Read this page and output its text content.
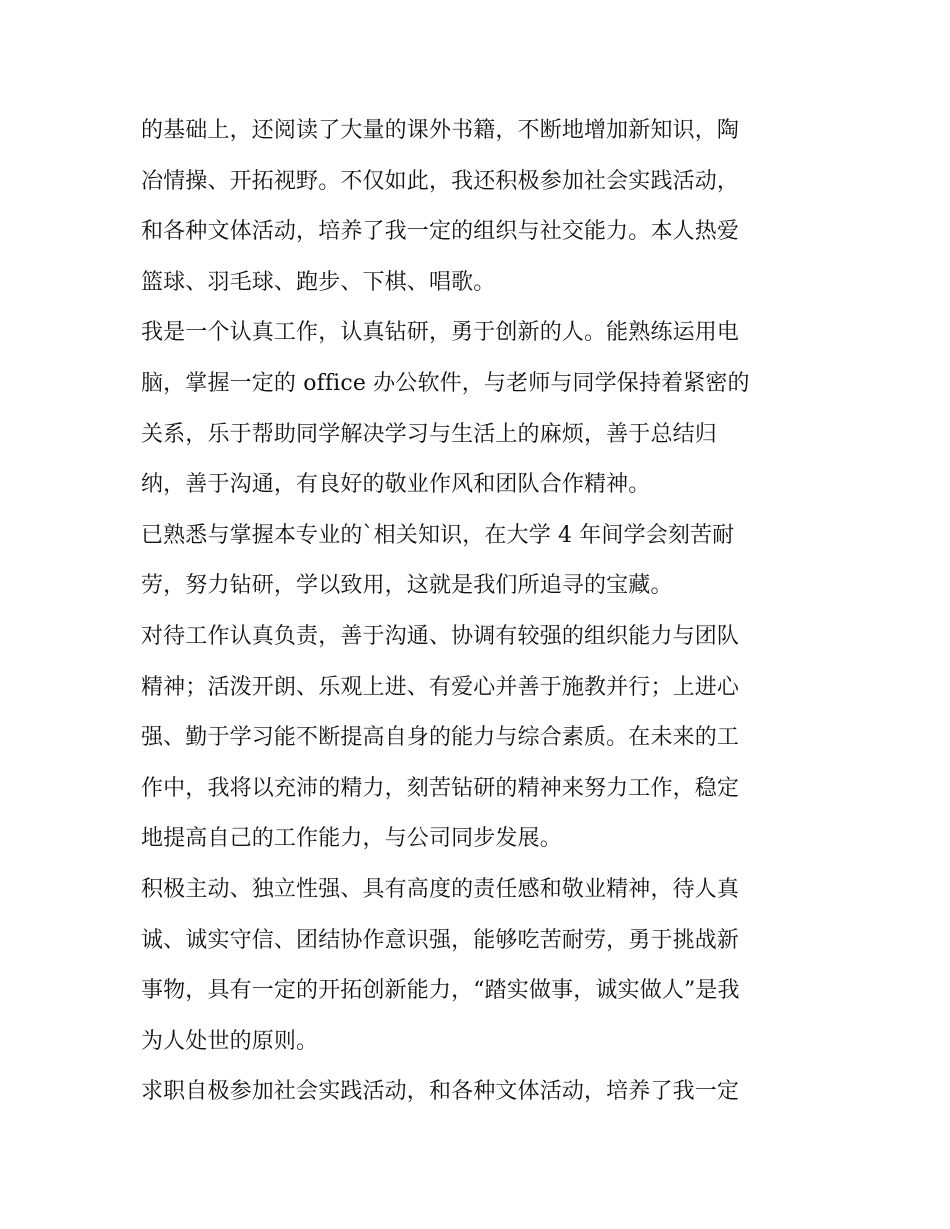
的基础上，还阅读了大量的课外书籍，不断地增加新知识，陶
冶情操、开拓视野。不仅如此，我还积极参加社会实践活动，
和各种文体活动，培养了我一定的组织与社交能力。本人热爱
篮球、羽毛球、跑步、下棋、唱歌。
我是一个认真工作，认真钻研，勇于创新的人。能熟练运用电
脑，掌握一定的 office 办公软件，与老师与同学保持着紧密的
关系，乐于帮助同学解决学习与生活上的麻烦，善于总结归
纳，善于沟通，有良好的敬业作风和团队合作精神。
已熟悉与掌握本专业的`相关知识，在大学 4 年间学会刻苦耐
劳，努力钻研，学以致用，这就是我们所追寻的宝藏。
对待工作认真负责，善于沟通、协调有较强的组织能力与团队
精神；活泼开朗、乐观上进、有爱心并善于施教并行；上进心
强、勤于学习能不断提高自身的能力与综合素质。在未来的工
作中，我将以充沛的精力，刻苦钻研的精神来努力工作，稳定
地提高自己的工作能力，与公司同步发展。
积极主动、独立性强、具有高度的责任感和敬业精神，待人真
诚、诚实守信、团结协作意识强，能够吃苦耐劳，勇于挑战新
事物，具有一定的开拓创新能力，“踏实做事，诚实做人”是我
为人处世的原则。
求职自极参加社会实践活动，和各种文体活动，培养了我一定
